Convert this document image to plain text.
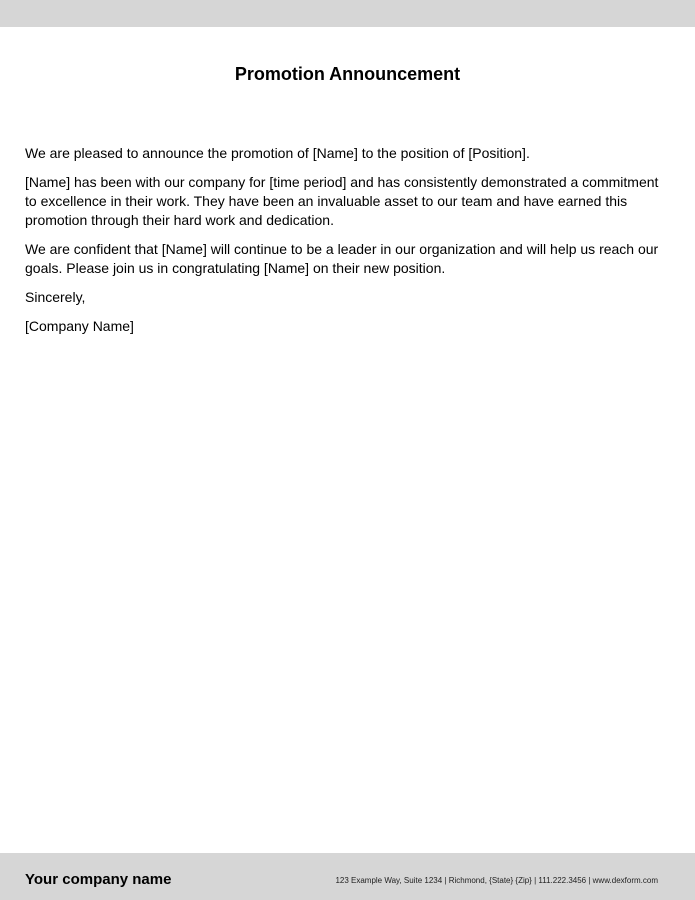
Promotion Announcement

We are pleased to announce the promotion of [Name] to the position of [Position].

[Name] has been with our company for [time period] and has consistently demonstrated a commitment to excellence in their work. They have been an invaluable asset to our team and have earned this promotion through their hard work and dedication.

We are confident that [Name] will continue to be a leader in our organization and will help us reach our goals. Please join us in congratulating [Name] on their new position.

Sincerely,

[Company Name]

Your company name	123 Example Way, Suite 1234 | Richmond, {State} {Zip} | 111.222.3456 | www.dexform.com
